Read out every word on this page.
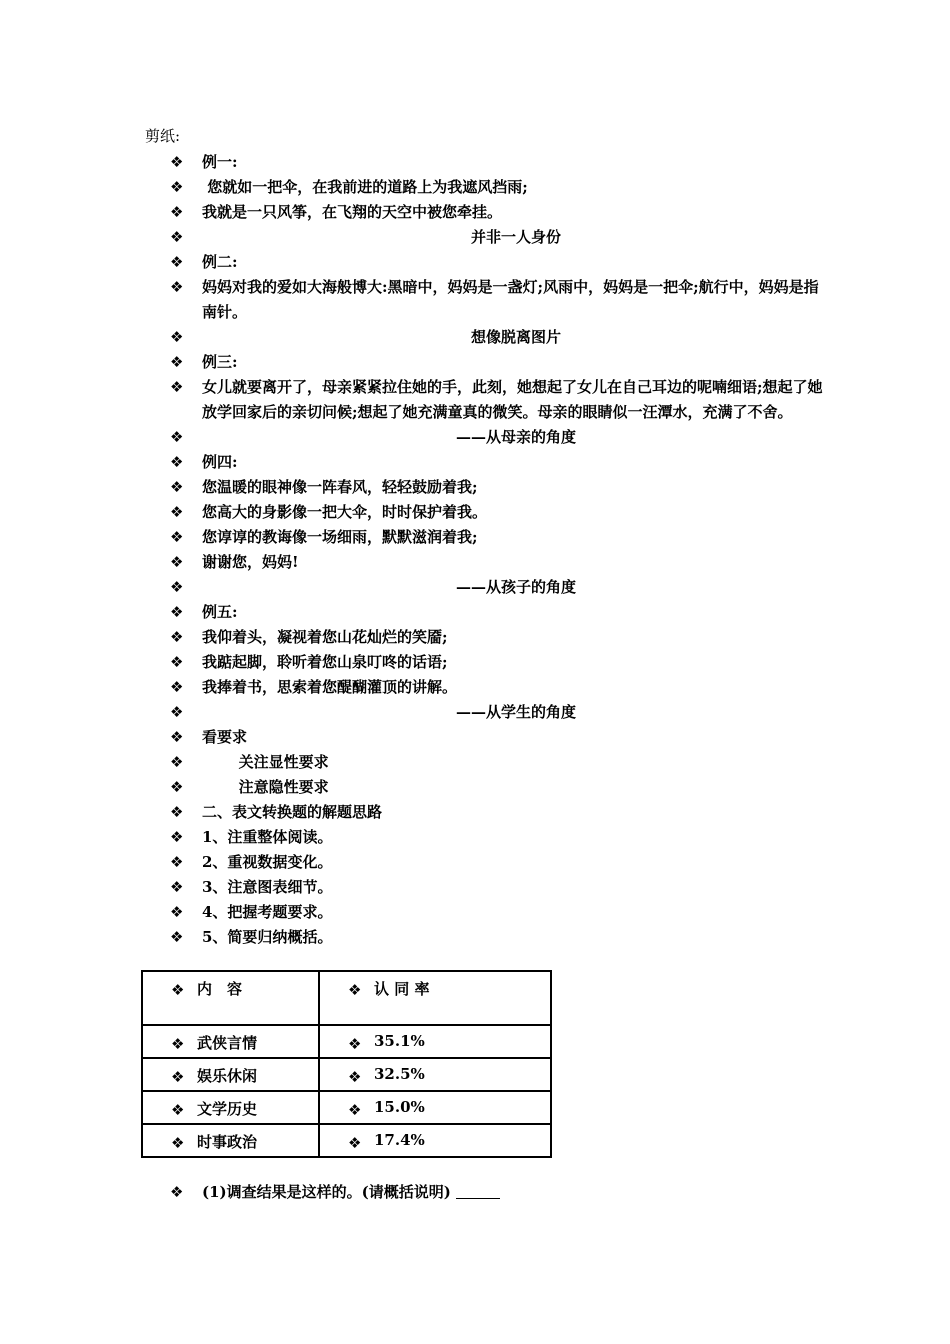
剪纸:
❖	例一:
❖	您就如一把伞，在我前进的道路上为我遮风挡雨;
❖	我就是一只风筝，在飞翔的天空中被您牵挂。
❖	并非一人身份
❖	例二:
❖	妈妈对我的爱如大海般博大:黑暗中，妈妈是一盏灯;风雨中，妈妈是一把伞;航行中，妈妈是指南针。
❖	想像脱离图片
❖	例三:
❖	女儿就要离开了，母亲紧紧拉住她的手，此刻，她想起了女儿在自己耳边的呢喃细语;想起了她放学回家后的亲切问候;想起了她充满童真的微笑。母亲的眼睛似一汪潭水，充满了不舍。
❖	——从母亲的角度
❖	例四:
❖	您温暖的眼神像一阵春风，轻轻鼓励着我;
❖	您高大的身影像一把大伞，时时保护着我。
❖	您谆谆的教诲像一场细雨，默默滋润着我;
❖	谢谢您，妈妈!
❖	——从孩子的角度
❖	例五:
❖	我仰着头，凝视着您山花灿烂的笑靥;
❖	我踮起脚，聆听着您山泉叮咚的话语;
❖	我捧着书，思索着您醍醐灌顶的讲解。
❖	——从学生的角度
❖	看要求
❖	关注显性要求
❖	注意隐性要求
❖	二、表文转换题的解题思路
❖	1、注重整体阅读。
❖	2、重视数据变化。
❖	3、注意图表细节。
❖	4、把握考题要求。
❖	5、简要归纳概括。
❖ 内　容	❖ 认 同 率

❖ 武侠言情	❖ 35.1%

❖ 娱乐休闲	❖ 32.5%

❖ 文学历史	❖ 15.0%

❖ 时事政治	❖ 17.4%
❖	(1)调查结果是这样的。(请概括说明)
